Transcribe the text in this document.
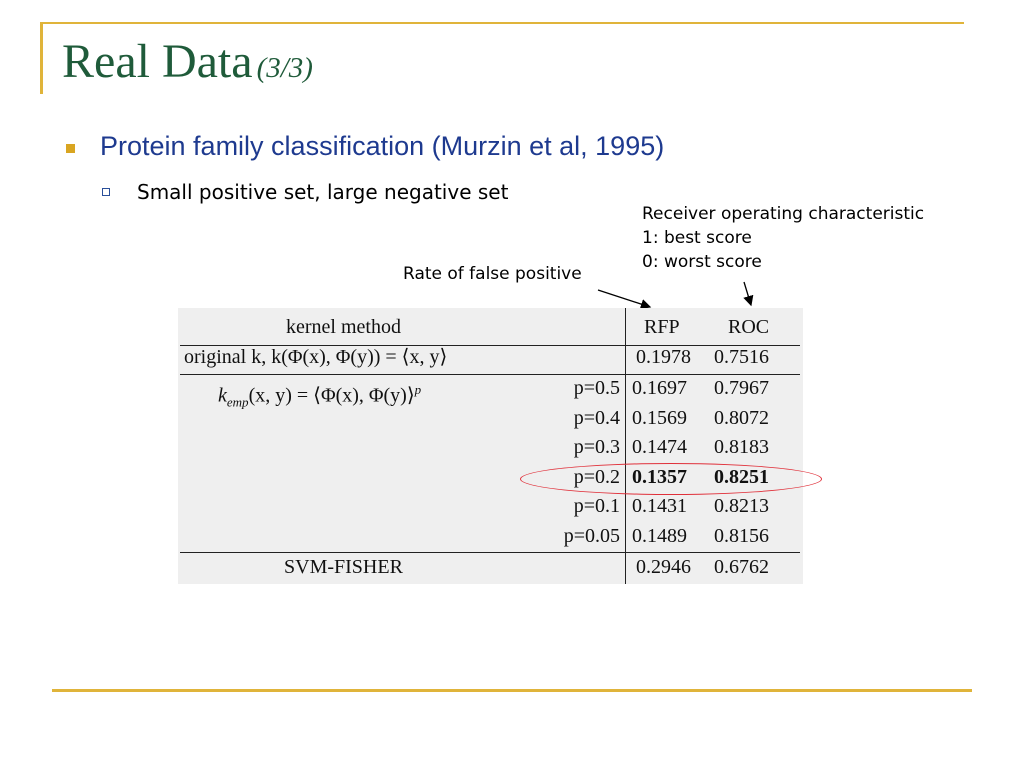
Real Data (3/3)
Protein family classification (Murzin et al, 1995)
Small positive set, large negative set
Receiver operating characteristic
1: best score
0: worst score
Rate of false positive
kernel method	RFP ROC
original k, k(Φ(x), Φ(y)) = ⟨x, y⟩	0.1978 0.7516
$k_{emp}(x$, y) = ⟨Φ(x), Φ(y)⟩$^p$	p=0.5 0.1697 0.7967
p=0.4 0.1569 0.8072
p=0.3 0.1474 0.8183
p=0.2 0.1357 0.8251
p=0.1 0.1431 0.8213
p=0.05 0.1489 0.8156
SVM-FISHER	0.2946 0.6762
